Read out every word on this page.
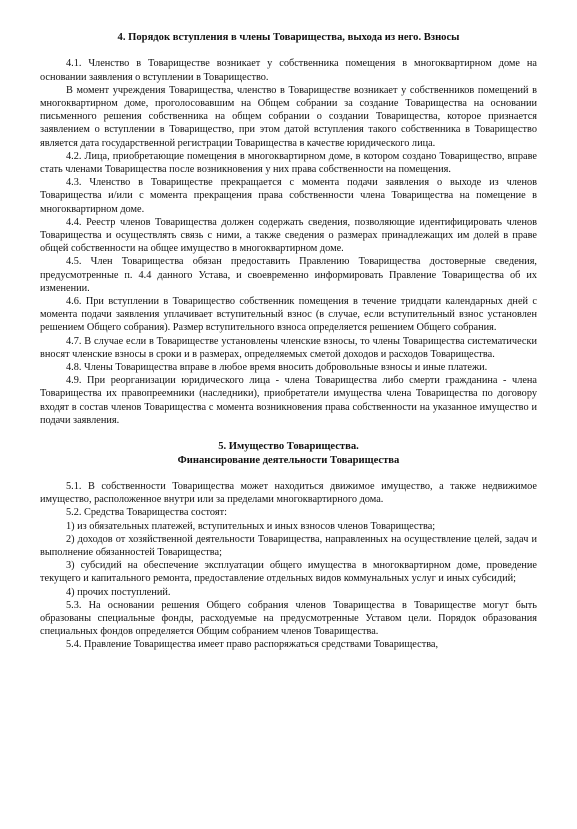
4. Порядок вступления в члены Товарищества, выхода из него. Взносы

4.1. Членство в Товариществе возникает у собственника помещения в многоквартирном доме на основании заявления о вступлении в Товарищество.

В момент учреждения Товарищества, членство в Товариществе возникает у собственников помещений в многоквартирном доме, проголосовавшим на Общем собрании за создание Товарищества на основании письменного решения собственника на общем собрании о создании Товарищества, которое признается заявлением о вступлении в Товарищество, при этом датой вступления такого собственника в Товарищество является дата государственной регистрации Товарищества в качестве юридического лица.

4.2. Лица, приобретающие помещения в многоквартирном доме, в котором создано Товарищество, вправе стать членами Товарищества после возникновения у них права собственности на помещения.

4.3. Членство в Товариществе прекращается с момента подачи заявления о выходе из членов Товарищества и/или с момента прекращения права собственности члена Товарищества на помещение в многоквартирном доме.

4.4. Реестр членов Товарищества должен содержать сведения, позволяющие идентифицировать членов Товарищества и осуществлять связь с ними, а также сведения о размерах принадлежащих им долей в праве общей собственности на общее имущество в многоквартирном доме.

4.5. Член Товарищества обязан предоставить Правлению Товарищества достоверные сведения, предусмотренные п. 4.4 данного Устава, и своевременно информировать Правление Товарищества об их изменении.

4.6. При вступлении в Товарищество собственник помещения в течение тридцати календарных дней с момента подачи заявления уплачивает вступительный взнос (в случае, если вступительный взнос установлен решением Общего собрания). Размер вступительного взноса определяется решением Общего собрания.

4.7. В случае если в Товариществе установлены членские взносы, то члены Товарищества систематически вносят членские взносы в сроки и в размерах, определяемых сметой доходов и расходов Товарищества.

4.8. Члены Товарищества вправе в любое время вносить добровольные взносы и иные платежи.

4.9. При реорганизации юридического лица - члена Товарищества либо смерти гражданина - члена Товарищества их правопреемники (наследники), приобретатели имущества члена Товарищества по договору входят в состав членов Товарищества с момента возникновения права собственности на указанное имущество и подачи заявления.

5. Имущество Товарищества.
Финансирование деятельности Товарищества

5.1. В собственности Товарищества может находиться движимое имущество, а также недвижимое имущество, расположенное внутри или за пределами многоквартирного дома.

5.2. Средства Товарищества состоят:

1) из обязательных платежей, вступительных и иных взносов членов Товарищества;

2) доходов от хозяйственной деятельности Товарищества, направленных на осуществление целей, задач и выполнение обязанностей Товарищества;

3) субсидий на обеспечение эксплуатации общего имущества в многоквартирном доме, проведение текущего и капитального ремонта, предоставление отдельных видов коммунальных услуг и иных субсидий;

4) прочих поступлений.

5.3. На основании решения Общего собрания членов Товарищества в Товариществе могут быть образованы специальные фонды, расходуемые на предусмотренные Уставом цели. Порядок образования специальных фондов определяется Общим собранием членов Товарищества.

5.4. Правление Товарищества имеет право распоряжаться средствами Товарищества,
